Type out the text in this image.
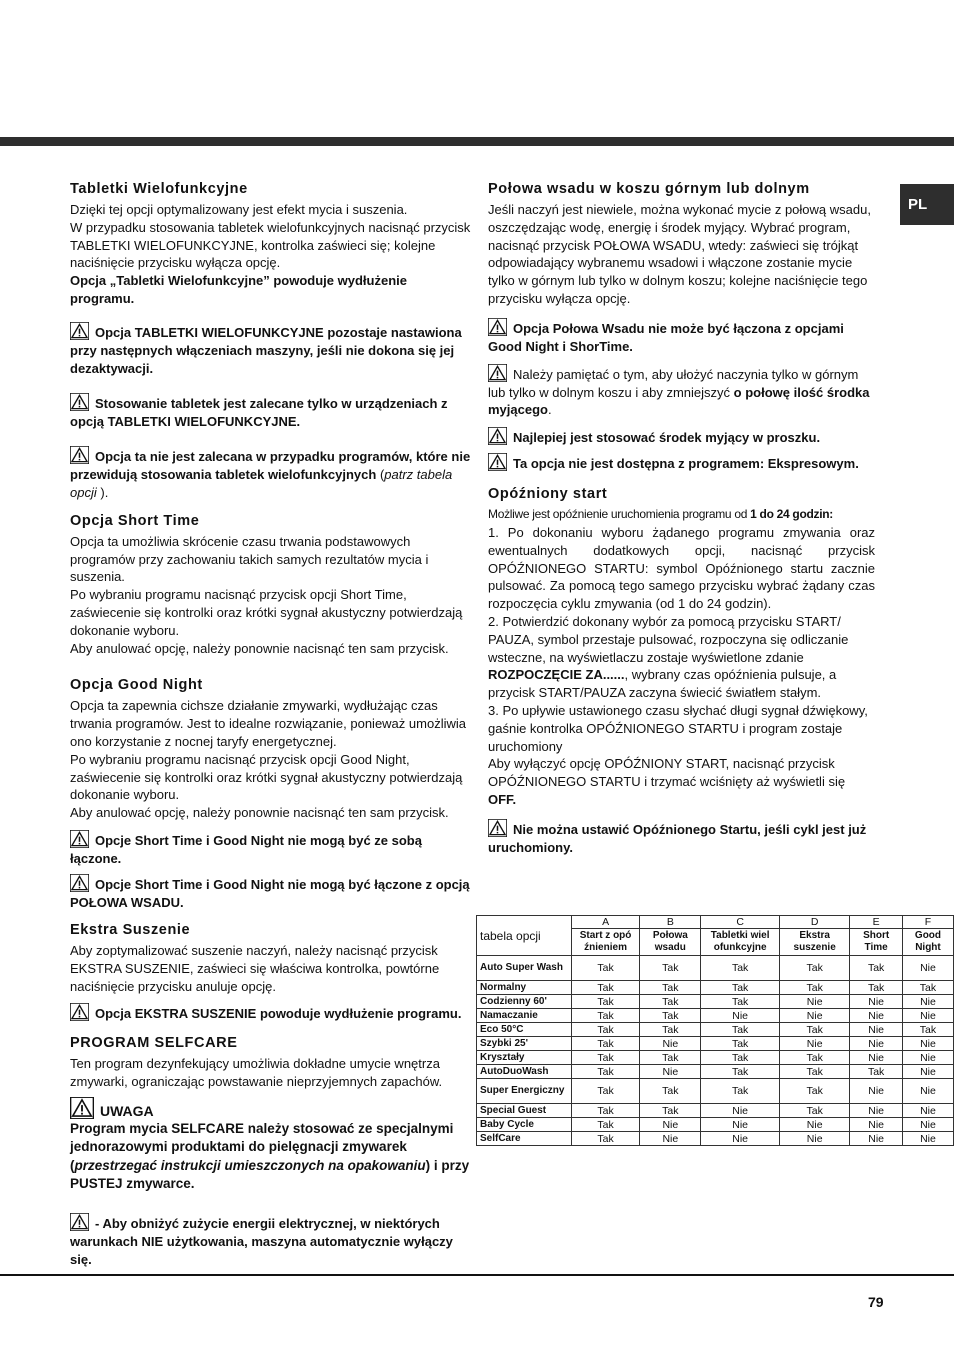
PL
Tabletki Wielofunkcyjne

Dzięki tej opcji optymalizowany jest efekt mycia i suszenia.

W przypadku stosowania tabletek wielofunkcyjnych nacisnąć przycisk TABLETKI WIELOFUNKCYJNE, kontrolka zaświeci się; kolejne naciśnięcie przycisku wyłącza opcję.

Opcja „Tabletki Wielofunkcyjne” powoduje wydłużenie programu.

Opcja TABLETKI WIELOFUNKCYJNE pozostaje nastawiona przy następnych włączeniach maszyny, jeśli nie dokona się jej dezaktywacji.

Stosowanie tabletek jest zalecane tylko w urządzeniach z opcją TABLETKI WIELOFUNKCYJNE.

Opcja ta nie jest zalecana w przypadku programów, które nie przewidują stosowania tabletek wielofunkcyjnych (patrz tabela opcji ).

Opcja Short Time

Opcja ta umożliwia skrócenie czasu trwania podstawowych programów przy zachowaniu takich samych rezultatów mycia i suszenia.

Po wybraniu programu nacisnąć przycisk opcji Short Time, zaświecenie się kontrolki oraz krótki sygnał akustyczny potwierdzają dokonanie wyboru.

Aby anulować opcję, należy ponownie nacisnąć ten sam przycisk.

Opcja Good Night

Opcja ta zapewnia cichsze działanie zmywarki, wydłużając czas trwania programów. Jest to idealne rozwiązanie, ponieważ umożliwia ono korzystanie z nocnej taryfy energetycznej.

Po wybraniu programu nacisnąć przycisk opcji Good Night, zaświecenie się kontrolki oraz krótki sygnał akustyczny potwierdzają dokonanie wyboru.

Aby anulować opcję, należy ponownie nacisnąć ten sam przycisk.

Opcje Short Time i Good Night nie mogą być ze sobą łączone.

Opcje Short Time i Good Night nie mogą być łączone z opcją POŁOWA WSADU.

Ekstra Suszenie

Aby zoptymalizować suszenie naczyń, należy nacisnąć przycisk EKSTRA SUSZENIE, zaświeci się właściwa kontrolka, powtórne naciśnięcie przycisku anuluje opcję.

Opcja EKSTRA SUSZENIE powoduje wydłużenie programu.

PROGRAM SELFCARE

Ten program dezynfekujący umożliwia dokładne umycie wnętrza zmywarki, ograniczając powstawanie nieprzyjemnych zapachów.

UWAGA

Program mycia SELFCARE należy stosować ze specjalnymi jednorazowymi produktami do pielęgnacji zmywarek (przestrzegać instrukcji umieszczonych na opakowaniu) i przy PUSTEJ zmywarce.

- Aby obniżyć zużycie energii elektrycznej, w niektórych warunkach NIE użytkowania, maszyna automatycznie wyłączy się.

Połowa wsadu w koszu górnym lub dolnym

Jeśli naczyń jest niewiele, można wykonać mycie z połową wsadu, oszczędzając wodę, energię i środek myjący. Wybrać program, nacisnąć przycisk POŁOWA WSADU, wtedy: zaświeci się trójkąt odpowiadający wybranemu wsadowi i włączone zostanie mycie tylko w górnym lub tylko w dolnym koszu; kolejne naciśnięcie tego przycisku wyłącza opcję.

Opcja Połowa Wsadu nie może być łączona z opcjami Good Night i ShorTime.

Należy pamiętać o tym, aby ułożyć naczynia tylko w górnym lub tylko w dolnym koszu i aby zmniejszyć o połowę ilość środka myjącego.

Najlepiej jest stosować środek myjący w proszku.

Ta opcja nie jest dostępna z programem: Ekspresowym.

Opóźniony start

Możliwe jest opóźnienie uruchomienia programu od 1 do 24 godzin:

1. Po dokonaniu wyboru żądanego programu zmywania oraz ewentualnych dodatkowych opcji, nacisnąć przycisk OPÓŹNIONEGO STARTU: symbol Opóźnionego startu zacznie pulsować. Za pomocą tego samego przycisku wybrać żądany czas rozpoczęcia cyklu zmywania (od 1 do 24 godzin).

2. Potwierdzić dokonany wybór za pomocą przycisku START/ PAUZA, symbol przestaje pulsować, rozpoczyna się odliczanie wsteczne, na wyświetlaczu zostaje wyświetlone zdanie ROZPOCZĘCIE ZA......, wybrany czas opóźnienia pulsuje, a przycisk START/PAUZA zaczyna świecić światłem stałym.

3. Po upływie ustawionego czasu słychać długi sygnał dźwiękowy, gaśnie kontrolka OPÓŹNIONEGO STARTU i program zostaje uruchomiony

Aby wyłączyć opcję OPÓŹNIONY START, nacisnąć przycisk OPÓŹNIONEGO STARTU i trzymać wciśnięty aż wyświetli się OFF.

Nie można ustawić Opóźnionego Startu, jeśli cykl jest już uruchomiony.

tabela opcji	A	B	C	D	E	F
	Start z opó źnieniem	Połowa wsadu	Tabletki wiel ofunkcyjne	Ekstra suszenie	Short Time	Good Night
Auto Super Wash	Tak	Tak	Tak	Tak	Tak	Nie
Normalny	Tak	Tak	Tak	Tak	Tak	Tak
Codzienny 60'	Tak	Tak	Tak	Nie	Nie	Nie
Namaczanie	Tak	Tak	Nie	Nie	Nie	Nie
Eco 50°C	Tak	Tak	Tak	Tak	Nie	Tak
Szybki 25'	Tak	Nie	Tak	Nie	Nie	Nie
Kryształy	Tak	Tak	Tak	Tak	Nie	Nie
AutoDuoWash	Tak	Nie	Tak	Tak	Tak	Nie
Super Energiczny	Tak	Tak	Tak	Tak	Nie	Nie
Special Guest	Tak	Tak	Nie	Tak	Nie	Nie
Baby Cycle	Tak	Nie	Nie	Nie	Nie	Nie
SelfCare	Tak	Nie	Nie	Nie	Nie	Nie
79
